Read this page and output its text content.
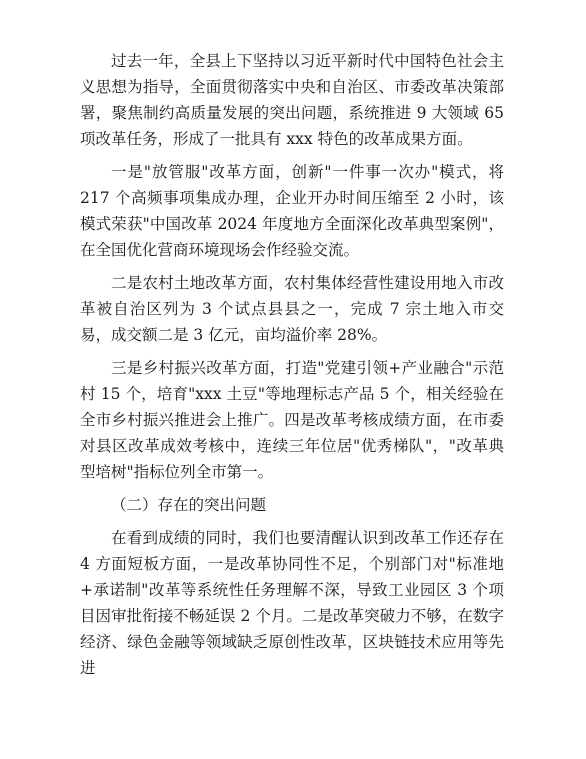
过去一年，全县上下坚持以习近平新时代中国特色社会主义思想为指导，全面贯彻落实中央和自治区、市委改革决策部署，聚焦制约高质量发展的突出问题，系统推进 9 大领域 65 项改革任务，形成了一批具有 xxx 特色的改革成果方面。

一是"放管服"改革方面，创新"一件事一次办"模式，将 217 个高频事项集成办理，企业开办时间压缩至 2 小时，该模式荣获"中国改革 2024 年度地方全面深化改革典型案例"，在全国优化营商环境现场会作经验交流。

二是农村土地改革方面，农村集体经营性建设用地入市改革被自治区列为 3 个试点县县之一，完成 7 宗土地入市交易，成交额二是 3 亿元，亩均溢价率 28%。

三是乡村振兴改革方面，打造"党建引领+产业融合"示范村 15 个，培育"xxx 土豆"等地理标志产品 5 个，相关经验在全市乡村振兴推进会上推广。四是改革考核成绩方面，在市委对县区改革成效考核中，连续三年位居"优秀梯队"，"改革典型培树"指标位列全市第一。

（二）存在的突出问题

在看到成绩的同时，我们也要清醒认识到改革工作还存在 4 方面短板方面，一是改革协同性不足，个别部门对"标准地+承诺制"改革等系统性任务理解不深，导致工业园区 3 个项目因审批衔接不畅延误 2 个月。二是改革突破力不够，在数字经济、绿色金融等领域缺乏原创性改革，区块链技术应用等先进
